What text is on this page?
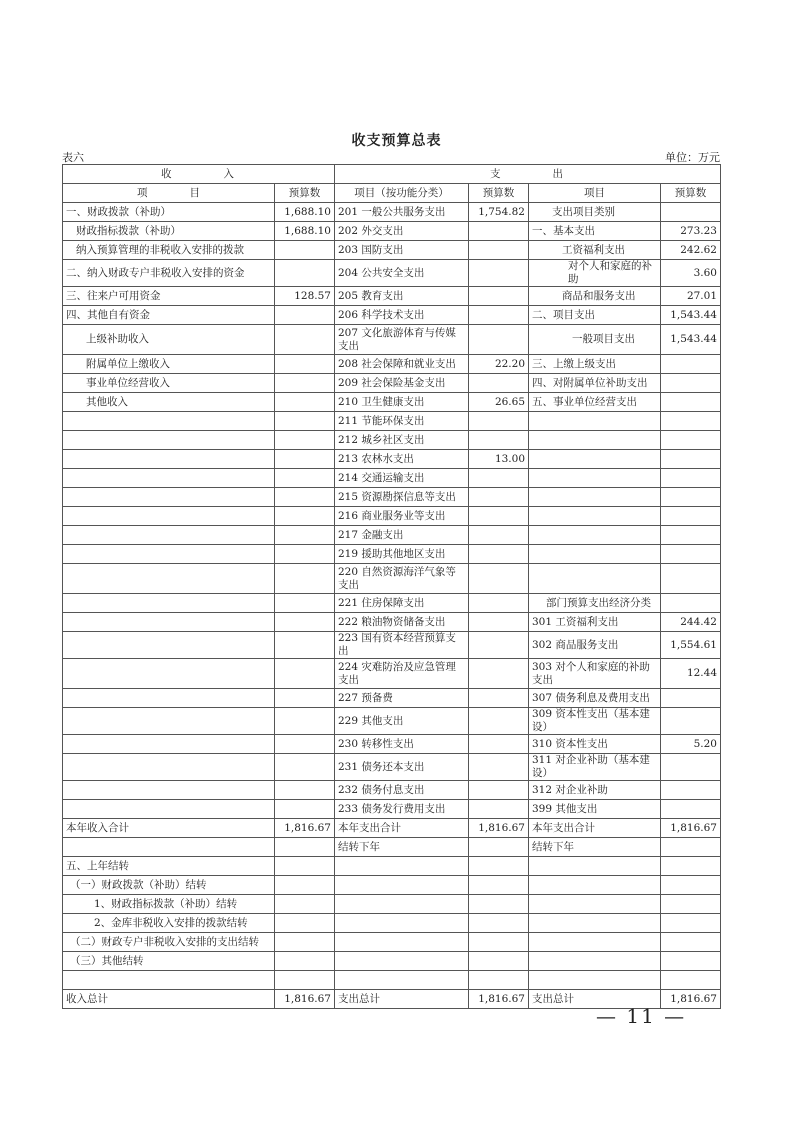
收支预算总表
表六	单位：万元
收　　　　入		支　　　　出			
项　　　　目	预算数	项目（按功能分类）	预算数	项目	预算数
一、财政拨款（补助）	1,688.10	201 一般公共服务支出	1,754.82	支出项目类别	
财政指标拨款（补助）	1,688.10	202 外交支出		一、基本支出	273.23
纳入预算管理的非税收入安排的拨款		203 国防支出		工资福利支出	242.62
二、纳入财政专户非税收入安排的资金		204 公共安全支出		对个人和家庭的补助	3.60
三、往来户可用资金	128.57	205 教育支出		商品和服务支出	27.01
四、其他自有资金		206 科学技术支出		二、项目支出	1,543.44
上级补助收入		207 文化旅游体育与传媒支出		一般项目支出	1,543.44
附属单位上缴收入		208 社会保障和就业支出	22.20	三、上缴上级支出	
事业单位经营收入		209 社会保险基金支出		四、对附属单位补助支出	
其他收入		210 卫生健康支出	26.65	五、事业单位经营支出	
		211 节能环保支出			
		212 城乡社区支出			
		213 农林水支出	13.00		
		214 交通运输支出			
		215 资源勘探信息等支出			
		216 商业服务业等支出			
		217 金融支出			
		219 援助其他地区支出			
		220 自然资源海洋气象等支出			
		221 住房保障支出		部门预算支出经济分类	
		222 粮油物资储备支出		301 工资福利支出	244.42
		223 国有资本经营预算支出		302 商品服务支出	1,554.61
		224 灾难防治及应急管理支出		303 对个人和家庭的补助支出	12.44
		227 预备费		307 债务利息及费用支出	
		229 其他支出		309 资本性支出（基本建设）	
		230 转移性支出		310 资本性支出	5.20
		231 债务还本支出		311 对企业补助（基本建设）	
		232 债务付息支出		312 对企业补助	
		233 债务发行费用支出		399 其他支出	
本年收入合计	1,816.67	本年支出合计	1,816.67	本年支出合计	1,816.67
		结转下年		结转下年	
五、上年结转					
（一）财政拨款（补助）结转					
1、财政指标拨款（补助）结转					
2、金库非税收入安排的拨款结转					
（二）财政专户非税收入安排的支出结转					
（三）其他结转					

收入总计	1,816.67	支出总计	1,816.67	支出总计	1,816.67
— 11 —
